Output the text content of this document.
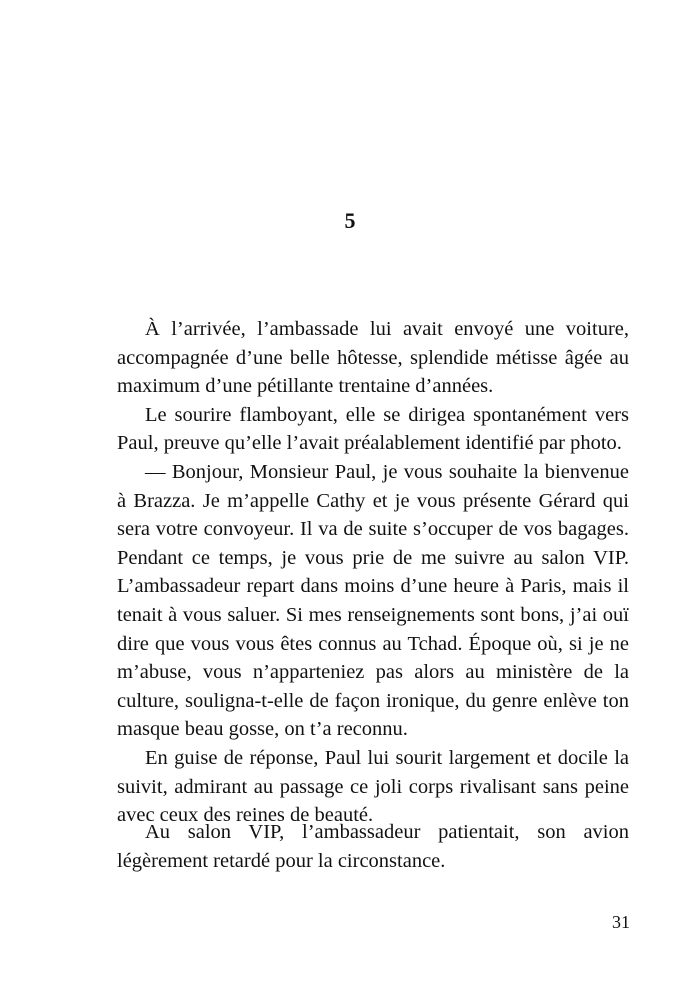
5

À l’arrivée, l’ambassade lui avait envoyé une voiture, accompagnée d’une belle hôtesse, splendide métisse âgée au maximum d’une pétillante trentaine d’années.

Le sourire flamboyant, elle se dirigea spontanément vers Paul, preuve qu’elle l’avait préalablement identifié par photo.

— Bonjour, Monsieur Paul, je vous souhaite la bienvenue à Brazza. Je m’appelle Cathy et je vous présente Gérard qui sera votre convoyeur. Il va de suite s’occuper de vos bagages. Pendant ce temps, je vous prie de me suivre au salon VIP. L’ambassadeur repart dans moins d’une heure à Paris, mais il tenait à vous saluer. Si mes renseignements sont bons, j’ai ouï dire que vous vous êtes connus au Tchad. Époque où, si je ne m’abuse, vous n’apparteniez pas alors au ministère de la culture, souligna-t-elle de façon ironique, du genre enlève ton masque beau gosse, on t’a reconnu.

En guise de réponse, Paul lui sourit largement et docile la suivit, admirant au passage ce joli corps rivalisant sans peine avec ceux des reines de beauté.

Au salon VIP, l’ambassadeur patientait, son avion légèrement retardé pour la circonstance.

31
